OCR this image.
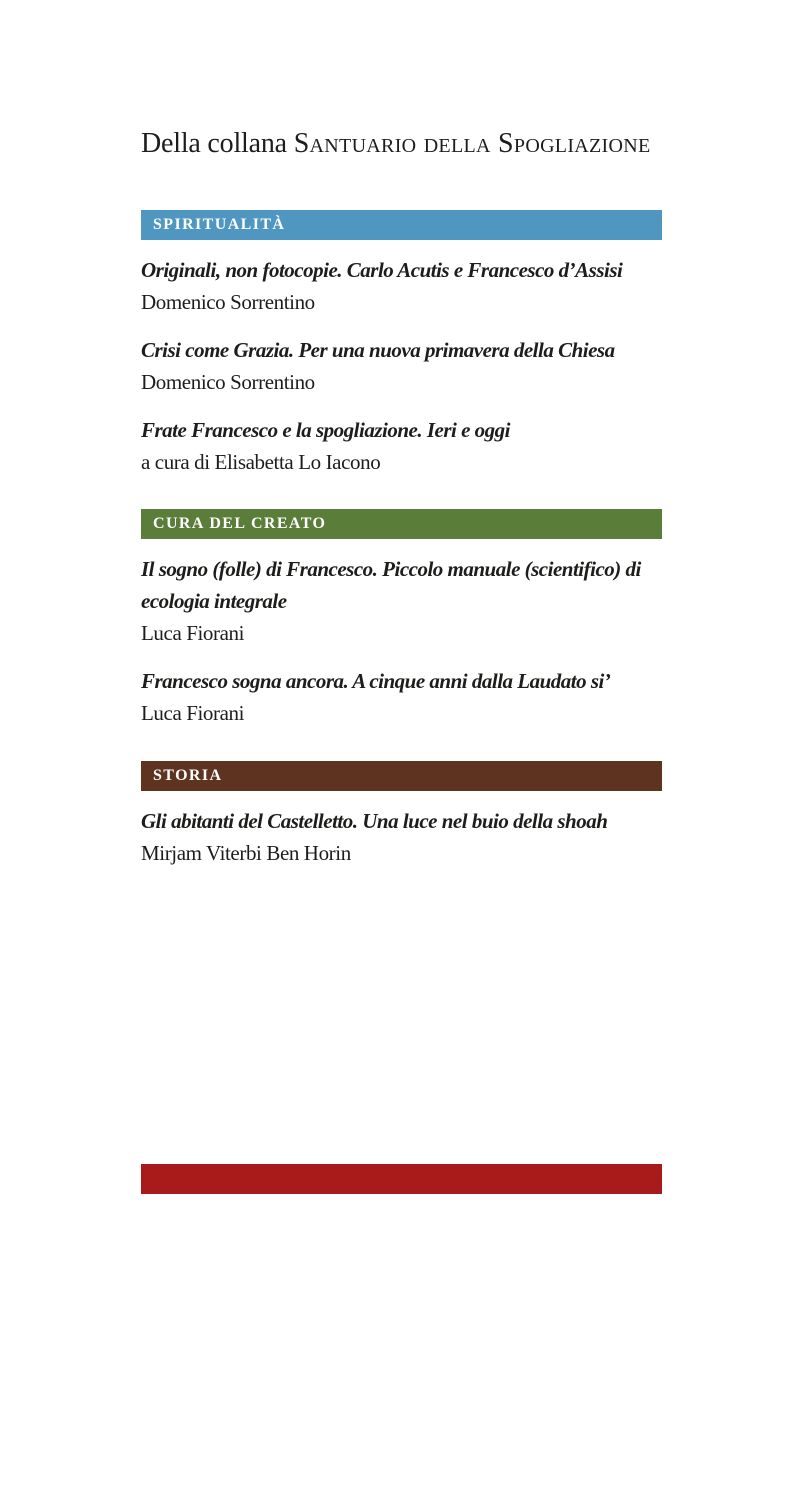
Della collana Santuario della Spogliazione
SPIRITUALITÀ
Originali, non fotocopie. Carlo Acutis e Francesco d’Assisi
Domenico Sorrentino
Crisi come Grazia. Per una nuova primavera della Chiesa
Domenico Sorrentino
Frate Francesco e la spogliazione. Ieri e oggi
a cura di Elisabetta Lo Iacono
CURA DEL CREATO
Il sogno (folle) di Francesco. Piccolo manuale (scientifico) di ecologia integrale
Luca Fiorani
Francesco sogna ancora. A cinque anni dalla Laudato si’
Luca Fiorani
STORIA
Gli abitanti del Castelletto. Una luce nel buio della shoah
Mirjam Viterbi Ben Horin
